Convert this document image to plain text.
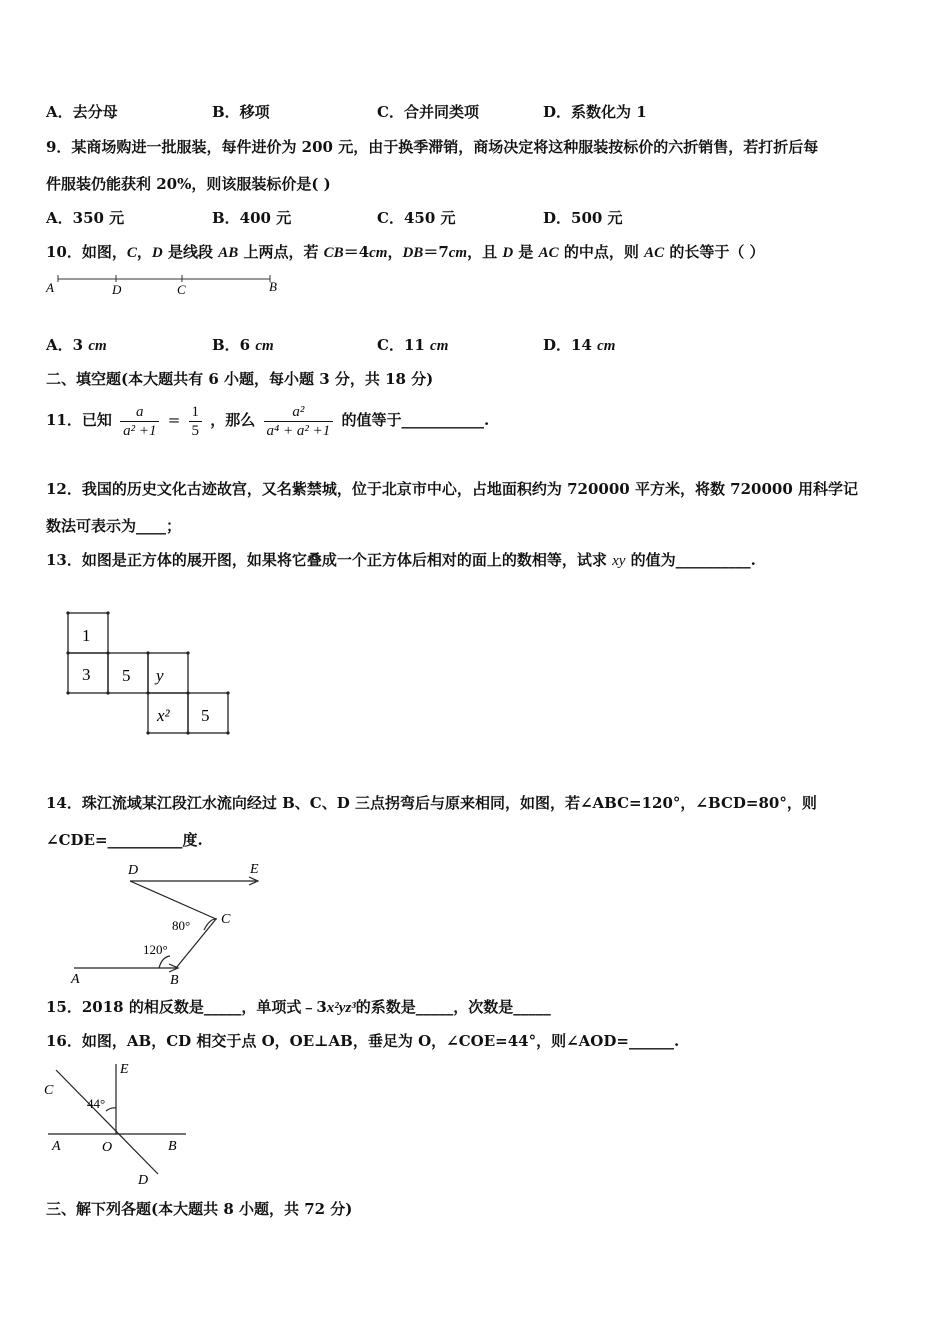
A．去分母	B．移项	C．合并同类项	D．系数化为 1
9．某商场购进一批服装，每件进价为 200 元，由于换季滞销，商场决定将这种服装按标价的六折销售，若打折后每
件服装仍能获利 20%，则该服装标价是( )
A．350 元	B．400 元	C．450 元	D．500 元
10．如图，C，D 是线段 AB 上两点，若 CB＝4cm，DB＝7cm，且 D 是 AC 的中点，则 AC 的长等于（ ）
A	D	C	B
A．3 cm	B．6 cm	C．11 cm	D．14 cm
二、填空题(本大题共有 6 小题，每小题 3 分，共 18 分)
11．已知 $\frac{a}{\text{a² +1}} = \frac{1}{5}$ ，那么 $\frac{\text{a²}}{\text{a⁴ + a² +1}}$ 的值等于___________.
12．我国的历史文化古迹故宫，又名紫禁城，位于北京市中心，占地面积约为 720000 平方米，将数 720000 用科学记
数法可表示为____；
13．如图是正方体的展开图，如果将它叠成一个正方体后相对的面上的数相等，试求 xy 的值为__________.
1
3 5 y
x² 5
14．珠江流域某江段江水流向经过 B、C、D 三点拐弯后与原来相同，如图，若∠ABC=120°，∠BCD=80°，则
∠CDE=__________度.
D	E
C
80°
120°
A	B
15．2018 的相反数是_____，单项式﹣3x²yz³的系数是_____，次数是_____
16．如图，AB，CD 相交于点 O，OE⊥AB，垂足为 O，∠COE=44°，则∠AOD=______.
E
C
44°
A	O	B
D
三、解下列各题(本大题共 8 小题，共 72 分)
